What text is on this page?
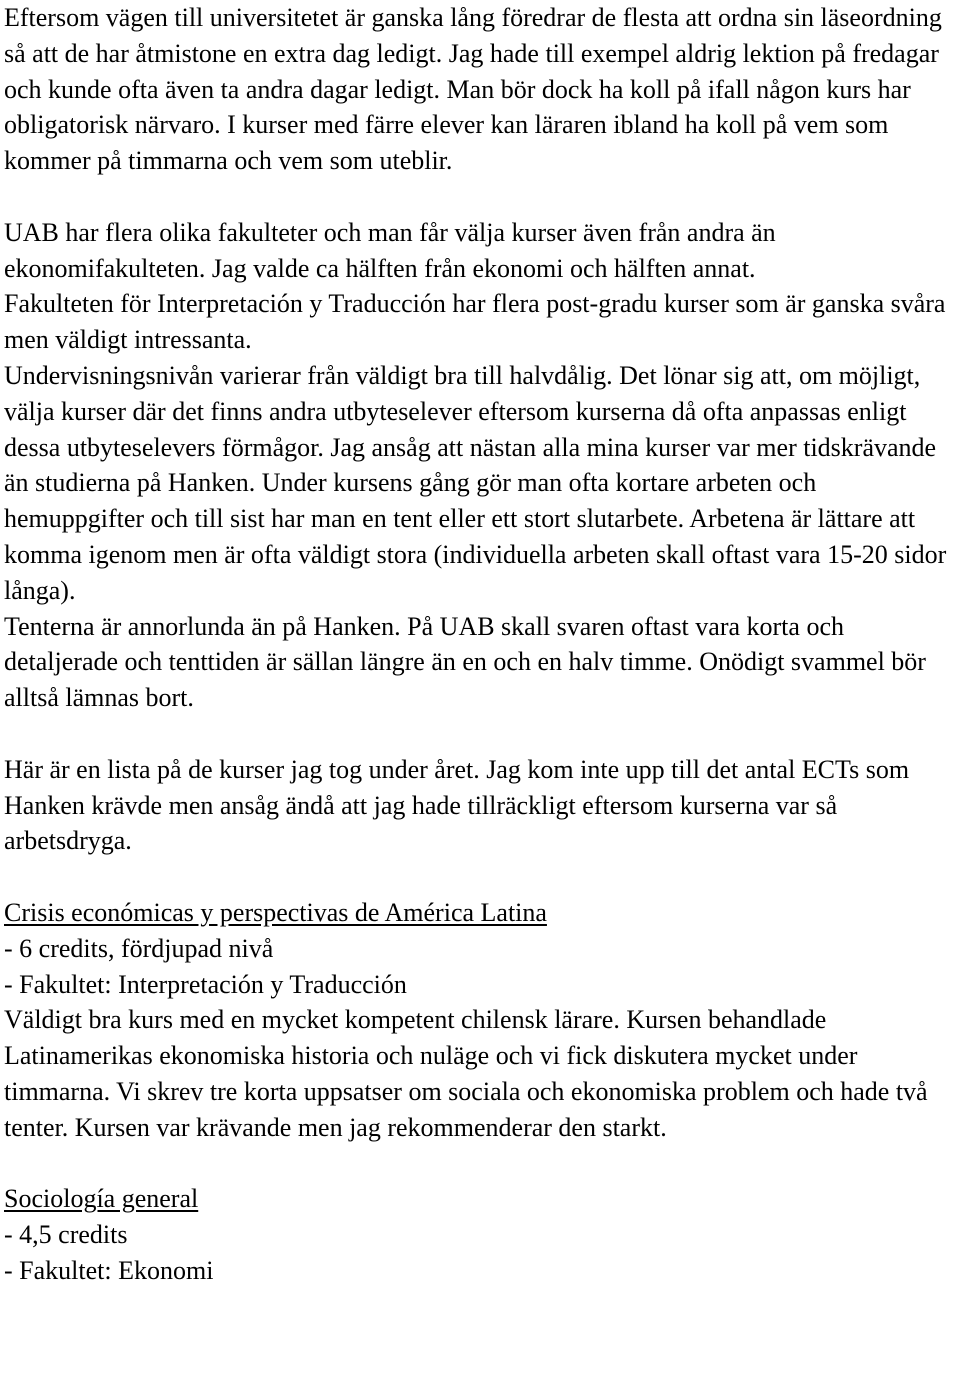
Eftersom vägen till universitetet är ganska lång föredrar de flesta att ordna sin läseordning så att de har åtmistone en extra dag ledigt. Jag hade till exempel aldrig lektion på fredagar och kunde ofta även ta andra dagar ledigt. Man bör dock ha koll på ifall någon kurs har obligatorisk närvaro. I kurser med färre elever kan läraren ibland ha koll på vem som kommer på timmarna och vem som uteblir.

UAB har flera olika fakulteter och man får välja kurser även från andra än ekonomifakulteten. Jag valde ca hälften från ekonomi och hälften annat.

Fakulteten för Interpretación y Traducción har flera post-gradu kurser som är ganska svåra men väldigt intressanta.

Undervisningsnivån varierar från väldigt bra till halvdålig. Det lönar sig att, om möjligt, välja kurser där det finns andra utbyteselever eftersom kurserna då ofta anpassas enligt dessa utbyteselevers förmågor. Jag ansåg att nästan alla mina kurser var mer tidskrävande än studierna på Hanken. Under kursens gång gör man ofta kortare arbeten och hemuppgifter och till sist har man en tent eller ett stort slutarbete. Arbetena är lättare att komma igenom men är ofta väldigt stora (individuella arbeten skall oftast vara 15-20 sidor långa).

Tenterna är annorlunda än på Hanken. På UAB skall svaren oftast vara korta och detaljerade och tenttiden är sällan längre än en och en halv timme. Onödigt svammel bör alltså lämnas bort.

Här är en lista på de kurser jag tog under året. Jag kom inte upp till det antal ECTs som Hanken krävde men ansåg ändå att jag hade tillräckligt eftersom kurserna var så arbetsdryga.

Crisis económicas y perspectivas de América Latina

- 6 credits, fördjupad nivå

- Fakultet: Interpretación y Traducción

Väldigt bra kurs med en mycket kompetent chilensk lärare. Kursen behandlade Latinamerikas ekonomiska historia och nuläge och vi fick diskutera mycket under timmarna. Vi skrev tre korta uppsatser om sociala och ekonomiska problem och hade två tenter. Kursen var krävande men jag rekommenderar den starkt.

Sociología general

- 4,5 credits

- Fakultet: Ekonomi
